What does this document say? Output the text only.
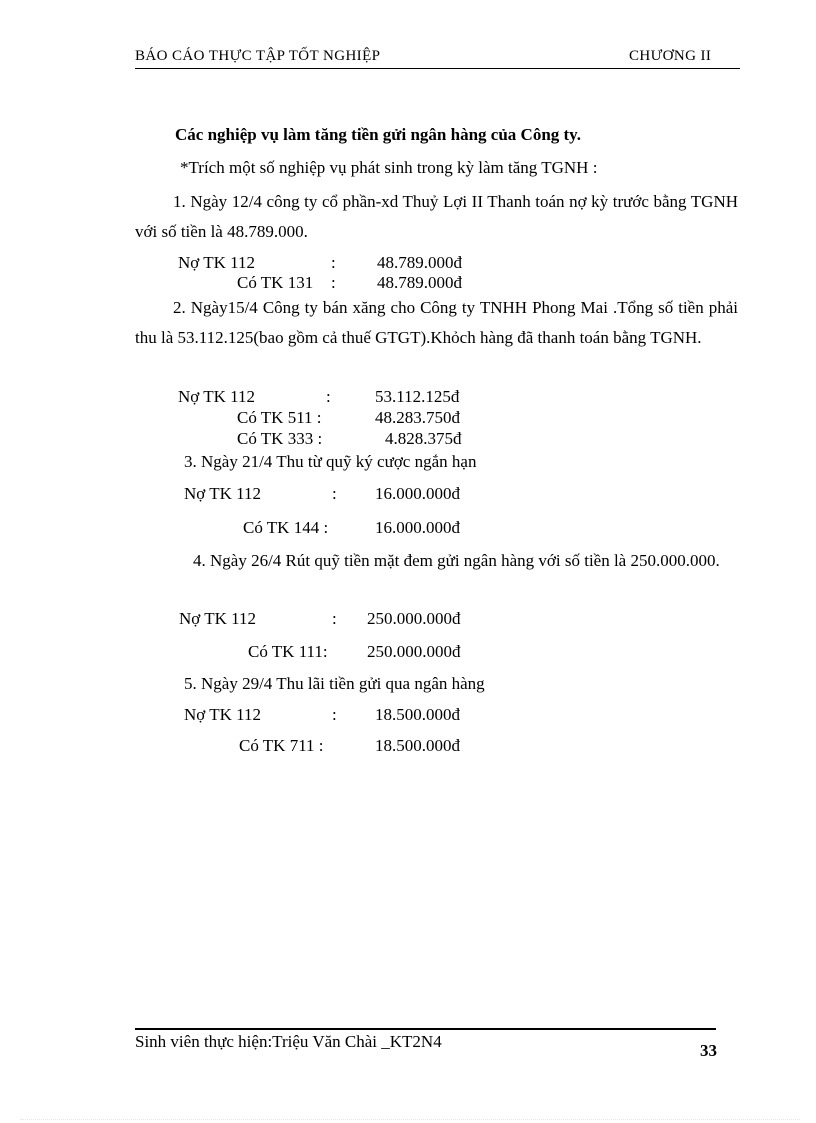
BÁO CÁO THỰC TẬP TỐT NGHIỆP	CHƯƠNG II
Các nghiệp vụ làm tăng tiền gửi ngân hàng của Công ty.
*Trích một số nghiệp vụ phát sinh trong kỳ làm tăng TGNH :
1. Ngày 12/4 công ty cổ phần-xd Thuỷ Lợi II Thanh toán nợ kỳ trước bằng TGNH với số tiền là 48.789.000.
Nợ TK 112	: 48.789.000đ
Có TK 131 : 48.789.000đ
2. Ngày15/4 Công ty bán xăng cho Công ty TNHH Phong Mai .Tổng số tiền phải thu là 53.112.125(bao gồm cả thuế GTGT).Khỏch hàng đã thanh toán bằng TGNH.
Nợ TK 112	:	53.112.125đ
Có TK 511 :	48.283.750đ
Có TK 333 :	4.828.375đ
3. Ngày 21/4 Thu từ quỹ ký cược ngắn hạn
Nợ TK 112	: 16.000.000đ
Có TK 144 :	16.000.000đ
4. Ngày 26/4 Rút quỹ tiền mặt đem gửi ngân hàng với số tiền là 250.000.000.
Nợ TK 112	: 250.000.000đ
Có TK 111: 250.000.000đ
5. Ngày 29/4 Thu lãi tiền gửi qua ngân hàng
Nợ TK 112	: 18.500.000đ
Có TK 711 :	18.500.000đ
Sinh viên thực hiện:Triệu Văn Chài _KT2N4	33
